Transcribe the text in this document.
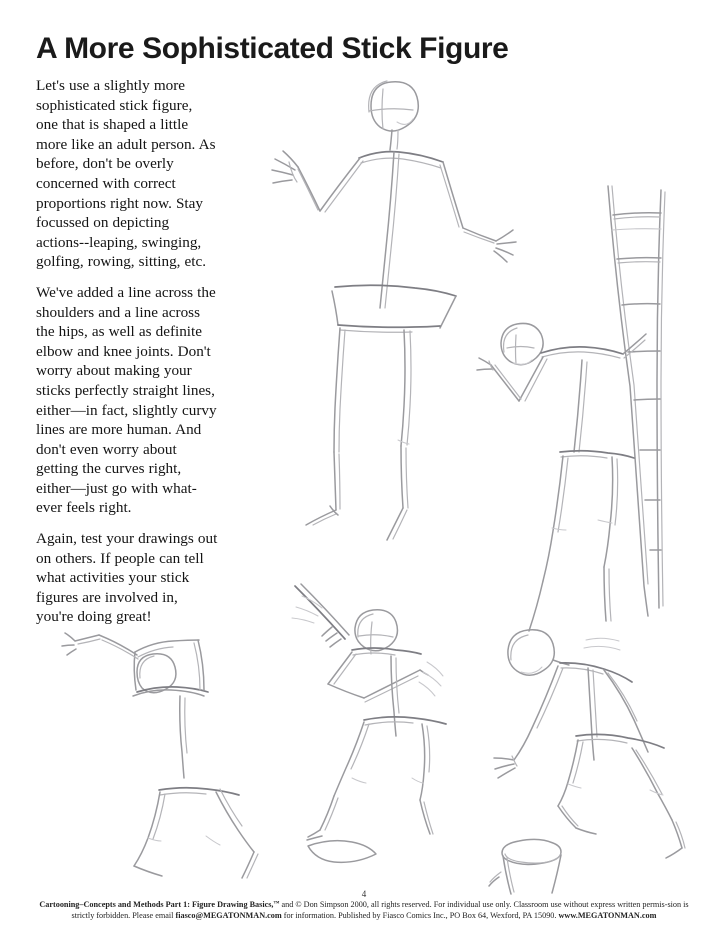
A More Sophisticated Stick Figure

Let's use a slightly more sophisticated stick figure, one that is shaped a little more like an adult person. As before, don't be overly concerned with correct proportions right now. Stay focussed on depicting actions--leaping, swinging, golfing, rowing, sitting, etc.

We've added a line across the shoulders and a line across the hips, as well as definite elbow and knee joints. Don't worry about making your sticks perfectly straight lines, either—in fact, slightly curvy lines are more human. And don't even worry about getting the curves right, either—just go with what-ever feels right.

Again, test your drawings out on others. If people can tell what activities your stick figures are involved in, you're doing great!

4
Cartooning–Concepts and Methods Part 1: Figure Drawing Basics,™ and © Don Simpson 2000, all rights reserved. For individual use only. Classroom use without express written permis-sion is strictly forbidden. Please email fiasco@MEGATONMAN.com for information. Published by Fiasco Comics Inc., PO Box 64, Wexford, PA 15090. www.MEGATONMAN.com
